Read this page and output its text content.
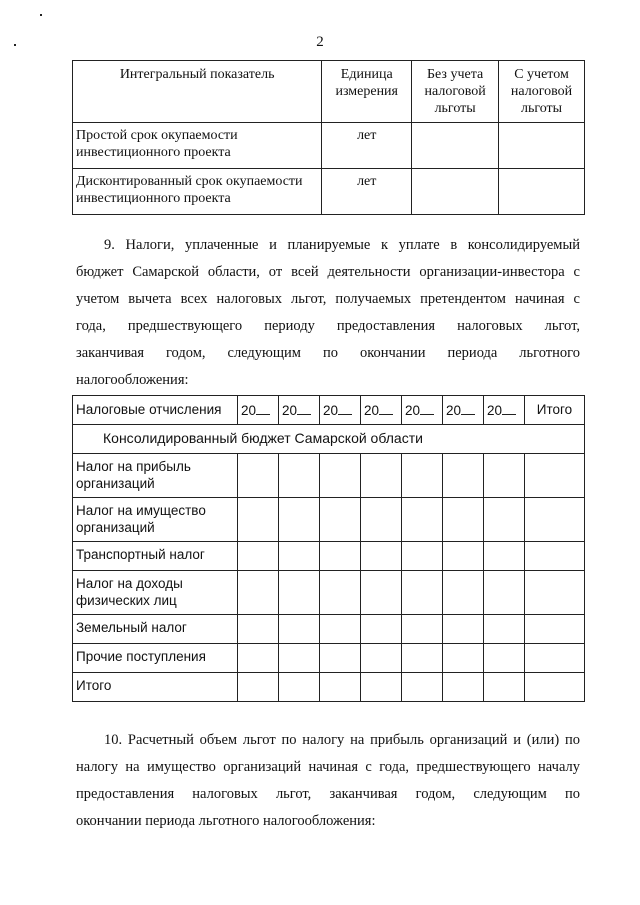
2
Интегральный показатель	Единица измерения	Без учета налоговой льготы	С учетом налоговой льготы
Простой срок окупаемости инвестиционного проекта	лет		
Дисконтированный срок окупаемости инвестиционного проекта	лет		
9. Налоги, уплаченные и планируемые к уплате в консолидируемый
бюджет Самарской области, от всей деятельности организации-инвестора с
учетом вычета всех налоговых льгот, получаемых претендентом начиная с
года, предшествующего периоду предоставления налоговых льгот,
заканчивая годом, следующим по окончании периода льготного
налогообложения:
Налоговые отчисления	20	20	20	20	20	20	20	Итого
Консолидированный бюджет Самарской области								
Налог на прибыль организаций								
Налог на имущество организаций								
Транспортный налог								
Налог на доходы физических лиц								
Земельный налог								
Прочие поступления								
Итого								
10. Расчетный объем льгот по налогу на прибыль организаций и (или) по
налогу на имущество организаций начиная с года, предшествующего началу
предоставления налоговых льгот, заканчивая годом, следующим по
окончании периода льготного налогообложения:
